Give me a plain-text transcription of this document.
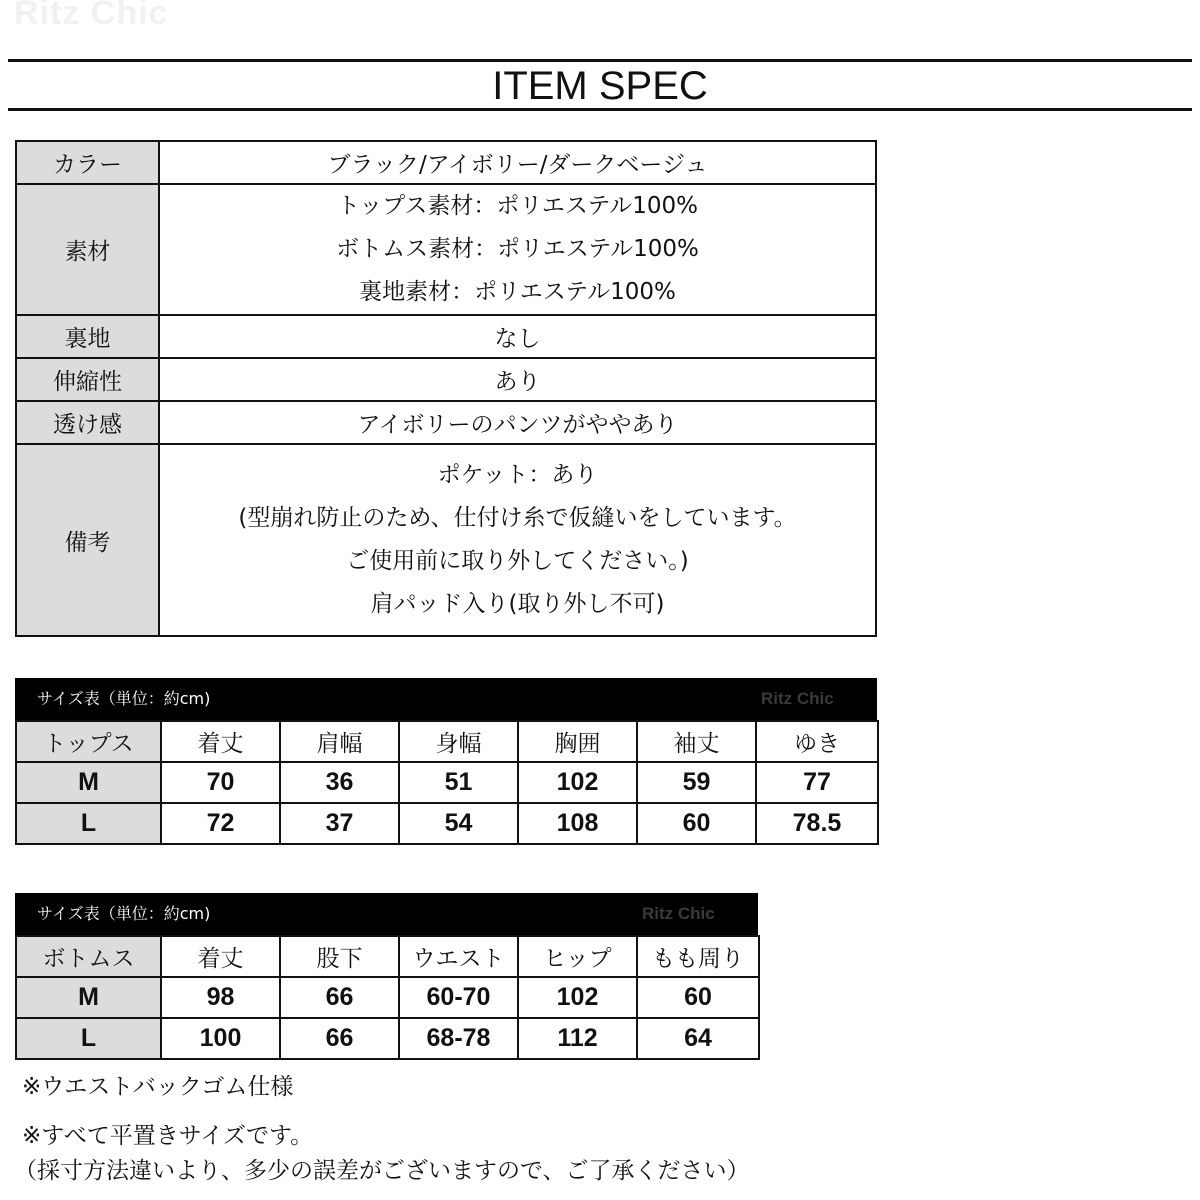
Ritz Chic
ITEM SPEC
カラー	ブラック/アイボリー/ダークベージュ
素材	トップス素材：ポリエステル100%
ボトムス素材：ポリエステル100%
裏地素材：ポリエステル100%

裏地	なし
伸縮性	あり
透け感	アイボリーのパンツがややあり
備考	ポケット：あり
(型崩れ防止のため、仕付け糸で仮縫いをしています。
ご使用前に取り外してください。)
肩パッド入り(取り外し不可)
サイズ表（単位：約cm)	Ritz Chic
トップス	着丈	肩幅	身幅	胸囲	袖丈	ゆき
M	70	36	51	102	59	77
L	72	37	54	108	60	78.5
サイズ表（単位：約cm)	Ritz Chic
ボトムス	着丈	股下	ウエスト	ヒップ	もも周り
M	98	66	60-70	102	60
L	100	66	68-78	112	64
※ウエストバックゴム仕様
※すべて平置きサイズです。
（採寸方法違いより、多少の誤差がございますので、ご了承ください）
